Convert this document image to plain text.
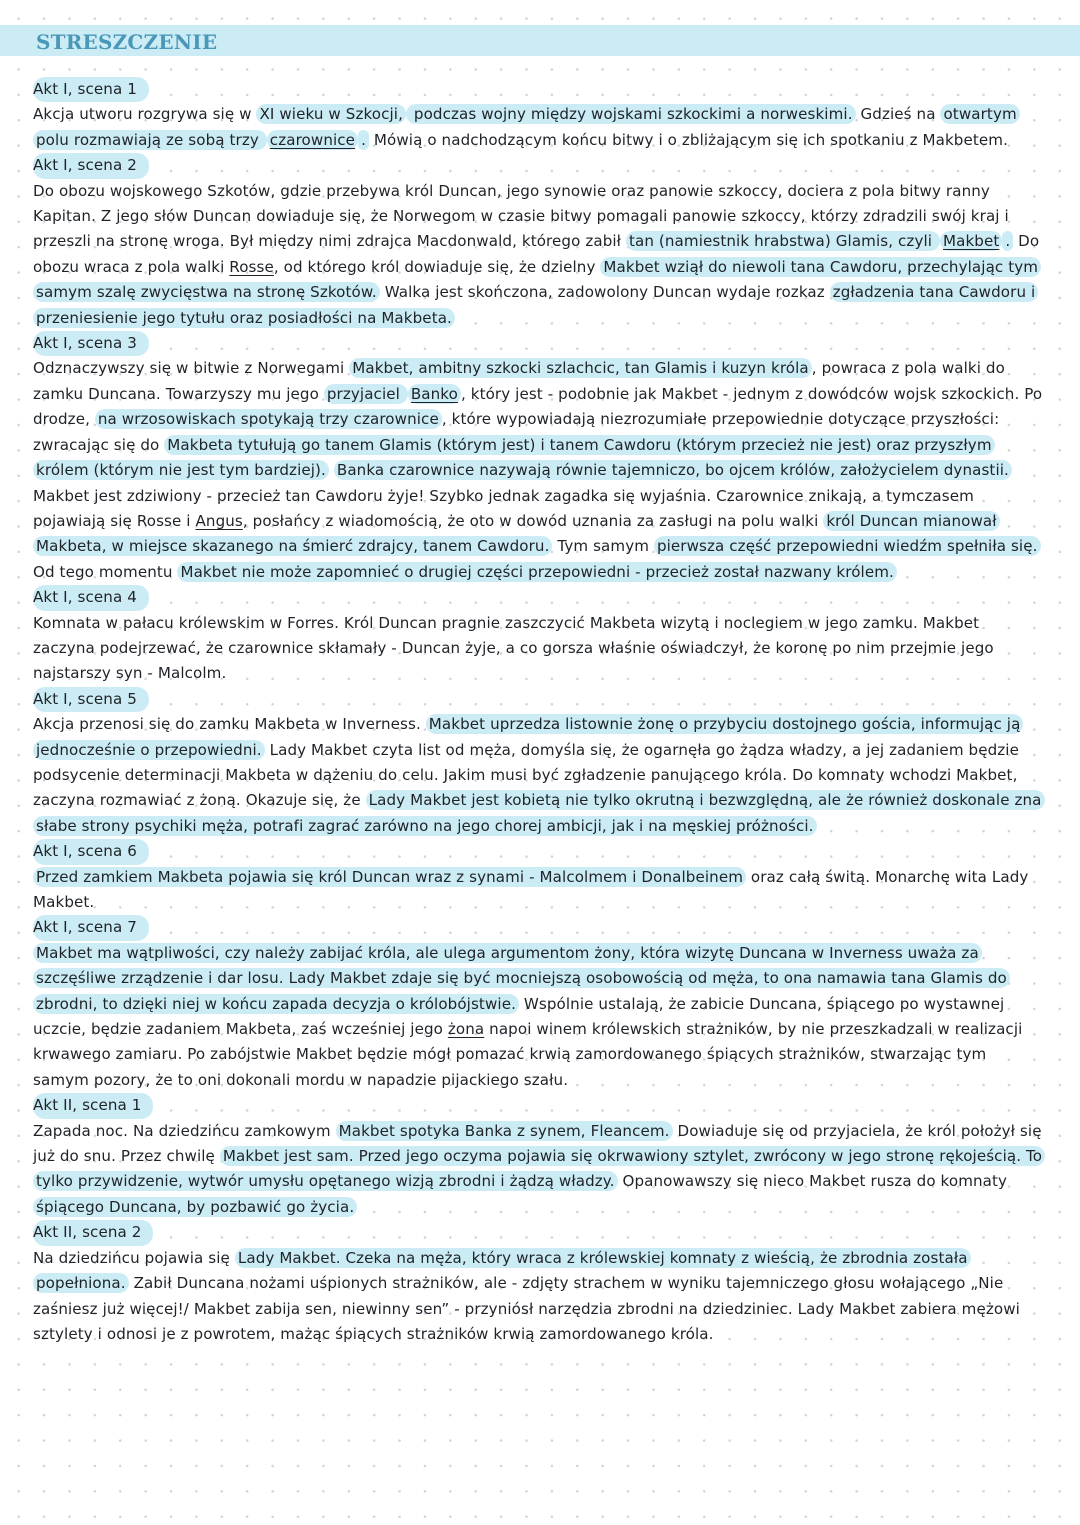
STRESZCZENIE
Akt I, scena 1

Akcja utworu rozgrywa się w XI wieku w Szkocji, podczas wojny między wojskami szkockimi a norweskimi. Gdzieś na otwartym polu rozmawiają ze sobą trzy czarownice . Mówią o nadchodzącym końcu bitwy i o zbliżającym się ich spotkaniu z Makbetem.

Akt I, scena 2

Do obozu wojskowego Szkotów, gdzie przebywa król Duncan, jego synowie oraz panowie szkoccy, dociera z pola bitwy ranny Kapitan. Z jego słów Duncan dowiaduje się, że Norwegom w czasie bitwy pomagali panowie szkoccy, którzy zdradzili swój kraj i przeszli na stronę wroga. Był między nimi zdrajca Macdonwald, którego zabił tan (namiestnik hrabstwa) Glamis, czyli Makbet . Do obozu wraca z pola walki Rosse, od którego król dowiaduje się, że dzielny Makbet wziął do niewoli tana Cawdoru, przechylając tym samym szalę zwycięstwa na stronę Szkotów. Walka jest skończona, zadowolony Duncan wydaje rozkaz zgładzenia tana Cawdoru i przeniesienie jego tytułu oraz posiadłości na Makbeta.

Akt I, scena 3

Odznaczywszy się w bitwie z Norwegami Makbet, ambitny szkocki szlachcic, tan Glamis i kuzyn króla , powraca z pola walki do zamku Duncana. Towarzyszy mu jego przyjaciel Banko , który jest - podobnie jak Makbet - jednym z dowódców wojsk szkockich. Po drodze, na wrzosowiskach spotykają trzy czarownice , które wypowiadają niezrozumiałe przepowiednie dotyczące przyszłości: zwracając się do Makbeta tytułują go tanem Glamis (którym jest) i tanem Cawdoru (którym przecież nie jest) oraz przyszłym królem (którym nie jest tym bardziej). Banka czarownice nazywają równie tajemniczo, bo ojcem królów, założycielem dynastii. Makbet jest zdziwiony - przecież tan Cawdoru żyje! Szybko jednak zagadka się wyjaśnia. Czarownice znikają, a tymczasem pojawiają się Rosse i Angus, posłańcy z wiadomością, że oto w dowód uznania za zasługi na polu walki król Duncan mianował Makbeta, w miejsce skazanego na śmierć zdrajcy, tanem Cawdoru. Tym samym pierwsza część przepowiedni wiedźm spełniła się. Od tego momentu Makbet nie może zapomnieć o drugiej części przepowiedni - przecież został nazwany królem.

Akt I, scena 4

Komnata w pałacu królewskim w Forres. Król Duncan pragnie zaszczycić Makbeta wizytą i noclegiem w jego zamku. Makbet zaczyna podejrzewać, że czarownice skłamały - Duncan żyje, a co gorsza właśnie oświadczył, że koronę po nim przejmie jego najstarszy syn - Malcolm.

Akt I, scena 5

Akcja przenosi się do zamku Makbeta w Inverness. Makbet uprzedza listownie żonę o przybyciu dostojnego gościa, informując ją jednocześnie o przepowiedni. Lady Makbet czyta list od męża, domyśla się, że ogarnęła go żądza władzy, a jej zadaniem będzie podsycenie determinacji Makbeta w dążeniu do celu. Jakim musi być zgładzenie panującego króla. Do komnaty wchodzi Makbet, zaczyna rozmawiać z żoną. Okazuje się, że Lady Makbet jest kobietą nie tylko okrutną i bezwzględną, ale że również doskonale zna słabe strony psychiki męża, potrafi zagrać zarówno na jego chorej ambicji, jak i na męskiej próżności.

Akt I, scena 6

Przed zamkiem Makbeta pojawia się król Duncan wraz z synami - Malcolmem i Donalbeinem oraz całą świtą. Monarchę wita Lady Makbet.

Akt I, scena 7

Makbet ma wątpliwości, czy należy zabijać króla, ale ulega argumentom żony, która wizytę Duncana w Inverness uważa za szczęśliwe zrządzenie i dar losu. Lady Makbet zdaje się być mocniejszą osobowością od męża, to ona namawia tana Glamis do zbrodni, to dzięki niej w końcu zapada decyzja o królobójstwie. Wspólnie ustalają, że zabicie Duncana, śpiącego po wystawnej uczcie, będzie zadaniem Makbeta, zaś wcześniej jego żona napoi winem królewskich strażników, by nie przeszkadzali w realizacji krwawego zamiaru. Po zabójstwie Makbet będzie mógł pomazać krwią zamordowanego śpiących strażników, stwarzając tym samym pozory, że to oni dokonali mordu w napadzie pijackiego szału.

Akt II, scena 1

Zapada noc. Na dziedzińcu zamkowym Makbet spotyka Banka z synem, Fleancem. Dowiaduje się od przyjaciela, że król położył się już do snu. Przez chwilę Makbet jest sam. Przed jego oczyma pojawia się okrwawiony sztylet, zwrócony w jego stronę rękojeścią. To tylko przywidzenie, wytwór umysłu opętanego wizją zbrodni i żądzą władzy. Opanowawszy się nieco Makbet rusza do komnaty śpiącego Duncana, by pozbawić go życia.

Akt II, scena 2

Na dziedzińcu pojawia się Lady Makbet. Czeka na męża, który wraca z królewskiej komnaty z wieścią, że zbrodnia została popełniona. Zabił Duncana nożami uśpionych strażników, ale - zdjęty strachem w wyniku tajemniczego głosu wołającego „Nie zaśniesz już więcej!/ Makbet zabija sen, niewinny sen” - przyniósł narzędzia zbrodni na dziedziniec. Lady Makbet zabiera mężowi sztylety i odnosi je z powrotem, mażąc śpiących strażników krwią zamordowanego króla.
